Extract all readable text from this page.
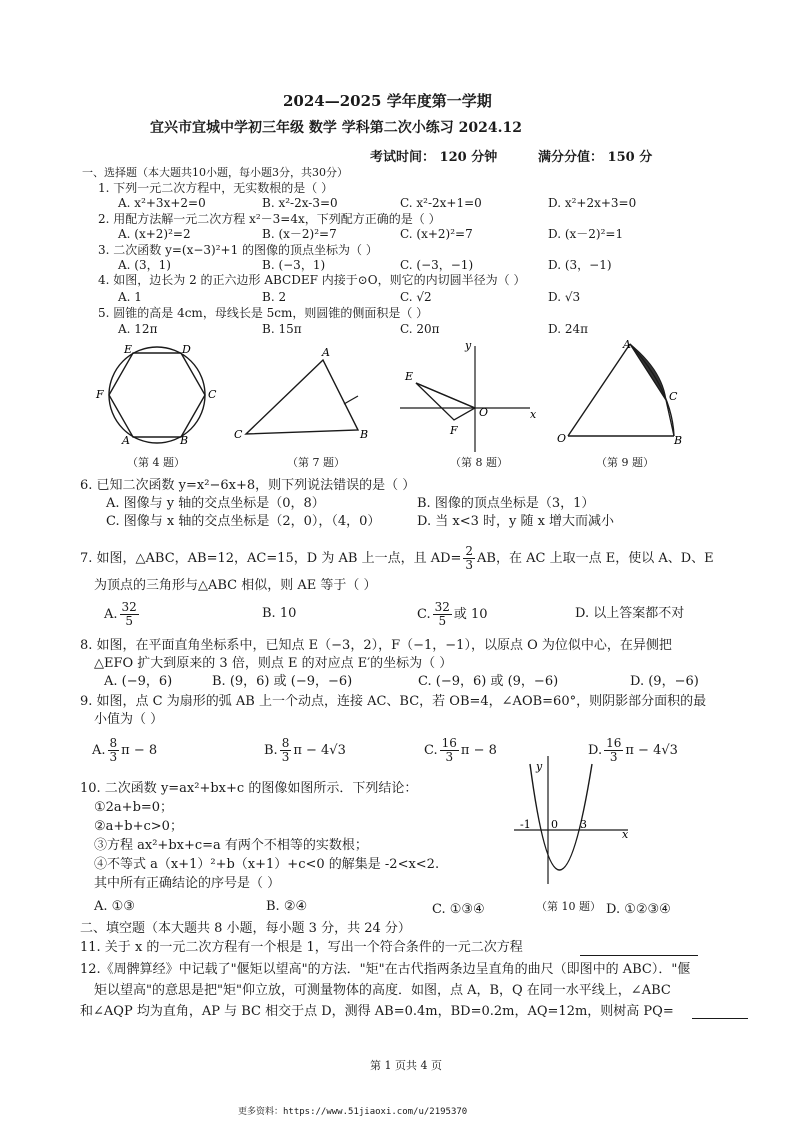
2024—2025 学年度第一学期
宜兴市宜城中学初三年级 数学 学科第二次小练习 2024.12
考试时间： 120 分钟	满分分值： 150 分
一、选择题（本大题共10小题，每小题3分，共30分）
1. 下列一元二次方程中，无实数根的是（ ）
A. x²+3x+2=0	B. x²-2x-3=0	C. x²-2x+1=0	D. x²+2x+3=0
2. 用配方法解一元二次方程 x²－3=4x，下列配方正确的是（ ）
A. (x+2)²=2	B. (x－2)²=7	C. (x+2)²=7	D. (x－2)²=1
3. 二次函数 y=(x−3)²+1 的图像的顶点坐标为（ ）
A. (3，1)	B. (−3，1)	C. (−3，−1)	D. (3，−1)
4. 如图，边长为 2 的正六边形 ABCDEF 内接于⊙O，则它的内切圆半径为（ ）
A. 1	B. 2	C. √2	D. √3
5. 圆锥的高是 4cm，母线长是 5cm，则圆锥的侧面积是（ ）
A. 12π	B. 15π	C. 20π	D. 24π
E	D
F	C
A	B
A
C	B
y
E
O	x
F
A
C
O	B
（第 4 题）	（第 7 题）	（第 8 题）	（第 9 题）
6. 已知二次函数 y=x²−6x+8，则下列说法错误的是（ ）
A. 图像与 y 轴的交点坐标是（0，8）	B. 图像的顶点坐标是（3，1）
C. 图像与 x 轴的交点坐标是（2，0），（4，0）	D. 当 x<3 时，y 随 x 增大而减小
7. 如图，△ABC，AB=12，AC=15，D 为 AB 上一点，且 $AD= \frac{2}{3}$ AB，在 AC 上取一点 E，使以 A、D、E
为顶点的三角形与△ABC 相似，则 AE 等于（ ）
A. $\frac{32}{5}$	B. 10	C. $\frac{32}{5}$ 或 10	D. 以上答案都不对
8. 如图，在平面直角坐标系中，已知点 E（−3，2），F（−1，−1），以原点 O 为位似中心，在异侧把
△EFO 扩大到原来的 3 倍，则点 E 的对应点 E′的坐标为（ ）
A. (−9，6)	B. (9，6) 或 (−9，−6)	C. (−9，6) 或 (9，−6)	D. (9，−6)
9. 如图，点 C 为扇形的弧 AB 上一个动点，连接 AC、BC，若 OB=4，∠AOB=60°，则阴影部分面积的最
小值为（ ）
A. $\frac{8}{3}$ π − 8	B. $\frac{8}{3}$ π − 4√3	C. $\frac{16}{3}$ π − 8	D. $\frac{16}{3}$ π − 4√3
10. 二次函数 y=ax²+bx+c 的图像如图所示．下列结论：
①2a+b=0；
②a+b+c>0；
③方程 ax²+bx+c=a 有两个不相等的实数根；
④不等式 a（x+1）²+b（x+1）+c<0 的解集是 -2<x<2.
其中所有正确结论的序号是（ ）
A. ①③	B. ②④	C. ①③④	D. ①②③④
y
-1 0 3
x
（第 10 题）
二、填空题（本大题共 8 小题，每小题 3 分，共 24 分）
11. 关于 x 的一元二次方程有一个根是 1，写出一个符合条件的一元二次方程
12.《周髀算经》中记载了"偃矩以望高"的方法．"矩"在古代指两条边呈直角的曲尺（即图中的 ABC）．"偃
矩以望高"的意思是把"矩"仰立放，可测量物体的高度．如图，点 A，B，Q 在同一水平线上，∠ABC
和∠AQP 均为直角，AP 与 BC 相交于点 D，测得 AB=0.4m，BD=0.2m，AQ=12m，则树高 PQ=
第 1 页共 4 页
更多资料：https://www.51jiaoxi.com/u/2195370
